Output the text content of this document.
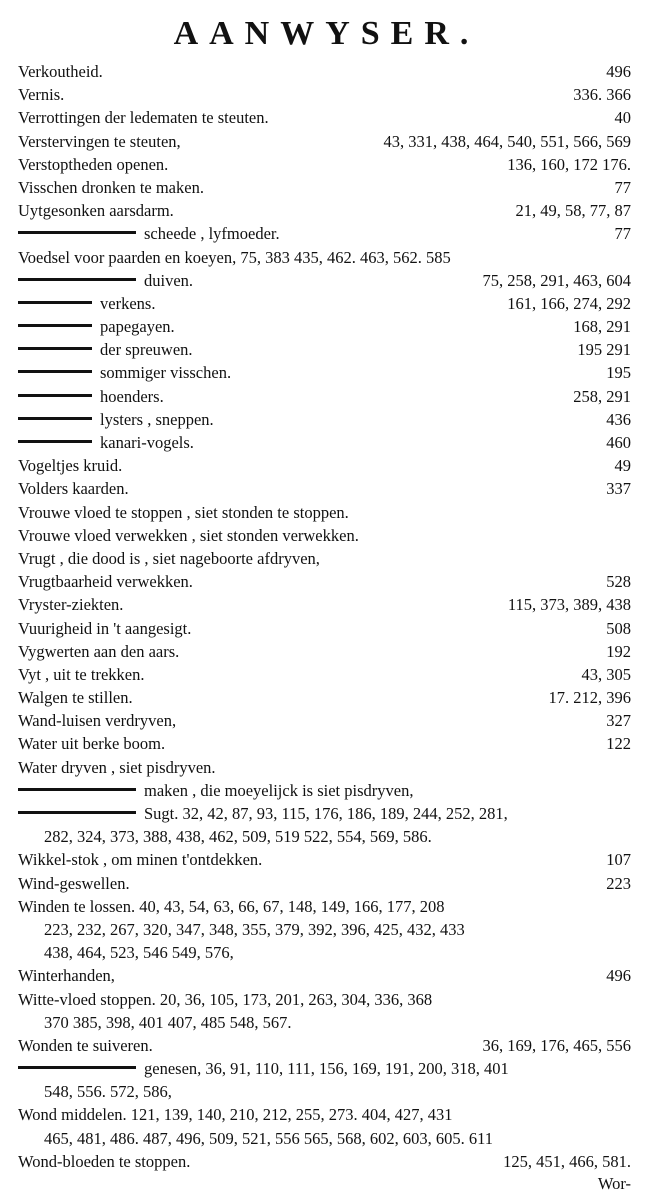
AANWYSER.
Verkoutheid.	496
Vernis.	336. 366
Verrottingen der ledematen te steuten.	40
Verstervingen te steuten,	43, 331, 438, 464, 540, 551, 566, 569
Verstoptheden openen.	136, 160, 172 176.
Visschen dronken te maken.	77
Uytgesonken aarsdarm.	21, 49, 58, 77, 87
scheede , lyfmoeder.	77
Voedsel voor paarden en koeyen, 75, 383 435, 462. 463, 562. 585
duiven.	75, 258, 291, 463, 604
verkens.	161, 166, 274, 292
papegayen.	168, 291
der spreuwen.	195 291
sommiger visschen.	195
hoenders.	258, 291
lysters , sneppen.	436
kanari-vogels.	460
Vogeltjes kruid.	49
Volders kaarden.	337
Vrouwe vloed te stoppen , siet stonden te stoppen.
Vrouwe vloed verwekken , siet stonden verwekken.
Vrugt , die dood is , siet nageboorte afdryven,
Vrugtbaarheid verwekken.	528
Vryster-ziekten.	115, 373, 389, 438
Vuurigheid in 't aangesigt.	508
Vygwerten aan den aars.	192
Vyt , uit te trekken.	43, 305
Walgen te stillen.	17. 212, 396
Wand-luisen verdryven,	327
Water uit berke boom.	122
Water dryven , siet pisdryven.
maken , die moeyelijck is siet pisdryven,
Sugt. 32, 42, 87, 93, 115, 176, 186, 189, 244, 252, 281,
282, 324, 373, 388, 438, 462, 509, 519 522, 554, 569, 586.
Wikkel-stok , om minen t'ontdekken.	107
Wind-geswellen.	223
Winden te lossen. 40, 43, 54, 63, 66, 67, 148, 149, 166, 177, 208
223, 232, 267, 320, 347, 348, 355, 379, 392, 396, 425, 432, 433
438, 464, 523, 546 549, 576,
Winterhanden,	496
Witte-vloed stoppen. 20, 36, 105, 173, 201, 263, 304, 336, 368
370 385, 398, 401 407, 485 548, 567.
Wonden te suiveren.	36, 169, 176, 465, 556
genesen, 36, 91, 110, 111, 156, 169, 191, 200, 318, 401
548, 556. 572, 586,
Wond middelen. 121, 139, 140, 210, 212, 255, 273. 404, 427, 431
465, 481, 486. 487, 496, 509, 521, 556 565, 568, 602, 603, 605. 611
Wond-bloeden te stoppen.	125, 451, 466, 581.
Wor-
